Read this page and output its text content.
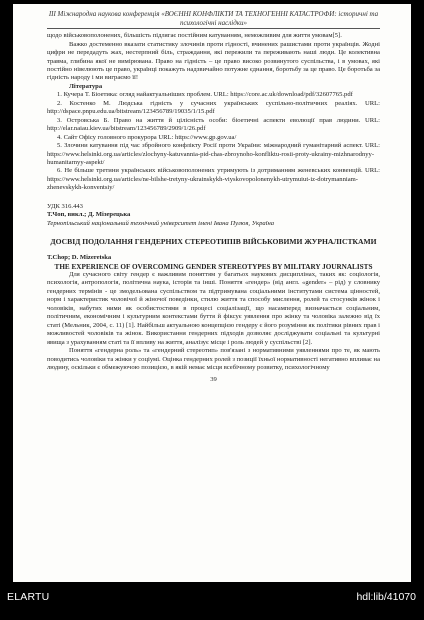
III Міжнародна наукова конференція «ВОЄННІ КОНФЛІКТИ ТА ТЕХНОГЕННІ КАТАСТРОФИ: історичні та психологічні наслідки»

щодо військовополонених, більшість підлягає постійним катуванням, неможливим для життя умовам[5].

Важко достеменно вказати статистику злочинів проти гідності, вчинених рашистами проти українців. Жодні цифри не передадуть жах, нестерпний біль, страждання, які пережили та переживають наші люди. Це колективна травма, глибина якої не вимірювана. Право на гідність – це право високо розвинутого суспільства, і в умовах, які постійно нівелюють це право, українці покажуть надзвичайно потужне єднання, боротьбу за це право. Це боротьба за гідність народу і ми виграємо її!

Література

1. Кучера Т. Біоетика: огляд найактуальніших проблем. URL: https://core.ac.uk/download/pdf/32607765.pdf

2. Костенко М. Людська гідність у сучасних українських суспільно-політичних реаліях. URL: http://dspace.pnpu.edu.ua/bitstream/123456789/19035/1/15.pdf

3. Островська Б. Право на життя й цілісність особи: біоетичні аспекти еволюції прав людини. URL: http://elar.naiau.kiev.ua/bitstream/123456789/2909/1/26.pdf

4. Сайт Офісу головного прокурора URL: https://www.gp.gov.ua/

5. Злочини катування під час збройного конфлікту Росії проти України: міжнародний гуманітарний аспект. URL: https://www.helsinki.org.ua/articles/zlochyny-katuvannia-pid-chas-zbroynoho-konfliktu-rosii-proty-ukrainy-mizhnarodnyy-humanitarnyy-aspekt/

6. Не більше третини українських військовополонених утримують із дотриманням женевських конвенцій. URL: https://www.helsinki.org.ua/articles/ne-bilshe-tretyny-ukrainskykh-viyskovopolonenykh-utrymuiut-iz-dotrymanniam-zhenevskykh-konventsiy/

УДК 316.443
Т.Чоп, викл.; Д. Мізерецька
Тернопільський національний технічний університет імені Івана Пулюя, Україна
ДОСВІД ПОДОЛАННЯ ГЕНДЕРНИХ СТЕРЕОТИПІВ ВІЙСЬКОВИМИ ЖУРНАЛІСТКАМИ
T.Chop; D. Mizeretska
THE EXPERIENCE OF OVERCOMING GENDER STEREOTYPES BY MILITARY JOURNALISTS

Для сучасного світу гендер є важливим поняттям у багатьох наукових дисциплінах, таких як: соціологія, психологія, антропологія, політична наука, історія та інші. Поняття «гендер» (від англ. «gender» – рід) у словнику гендерних термінів - це змодельована суспільством та підтримувана соціальними інститутами система цінностей, норм і характеристик чоловічої й жіночої поведінки, стилю життя та способу мислення, ролей та стосунків жінок і чоловіків, набутих ними як особистостями в процесі соціалізації, що насамперед визначається соціальним, політичним, економічним і культурним контекстами буття й фіксує уявлення про жінку та чоловіка залежно від їх статі (Мельник, 2004, с. 11) [1]. Найбільш актуальною концепцією гендеру є його розуміння як політики рівних прав і можливостей чоловіків та жінок. Використання гендерних підходів дозволяє досліджувати соціальні та культурні явища з урахуванням статі та її впливу на життя, аналізує місце і роль людей у суспільстві [2].

Поняття «гендерна роль» та «гендерний стереотип» пов'язані з нормативними уявленнями про те, як мають поводитись чоловіки та жінки у соціумі. Оцінка гендерних ролей з позиції їхньої нормативності негативно впливає на людину, оскільки є обмежуючою позицією, в якій немає місця всебічному розвитку, психологічному

39
ELARTU	hdl:lib/41070
